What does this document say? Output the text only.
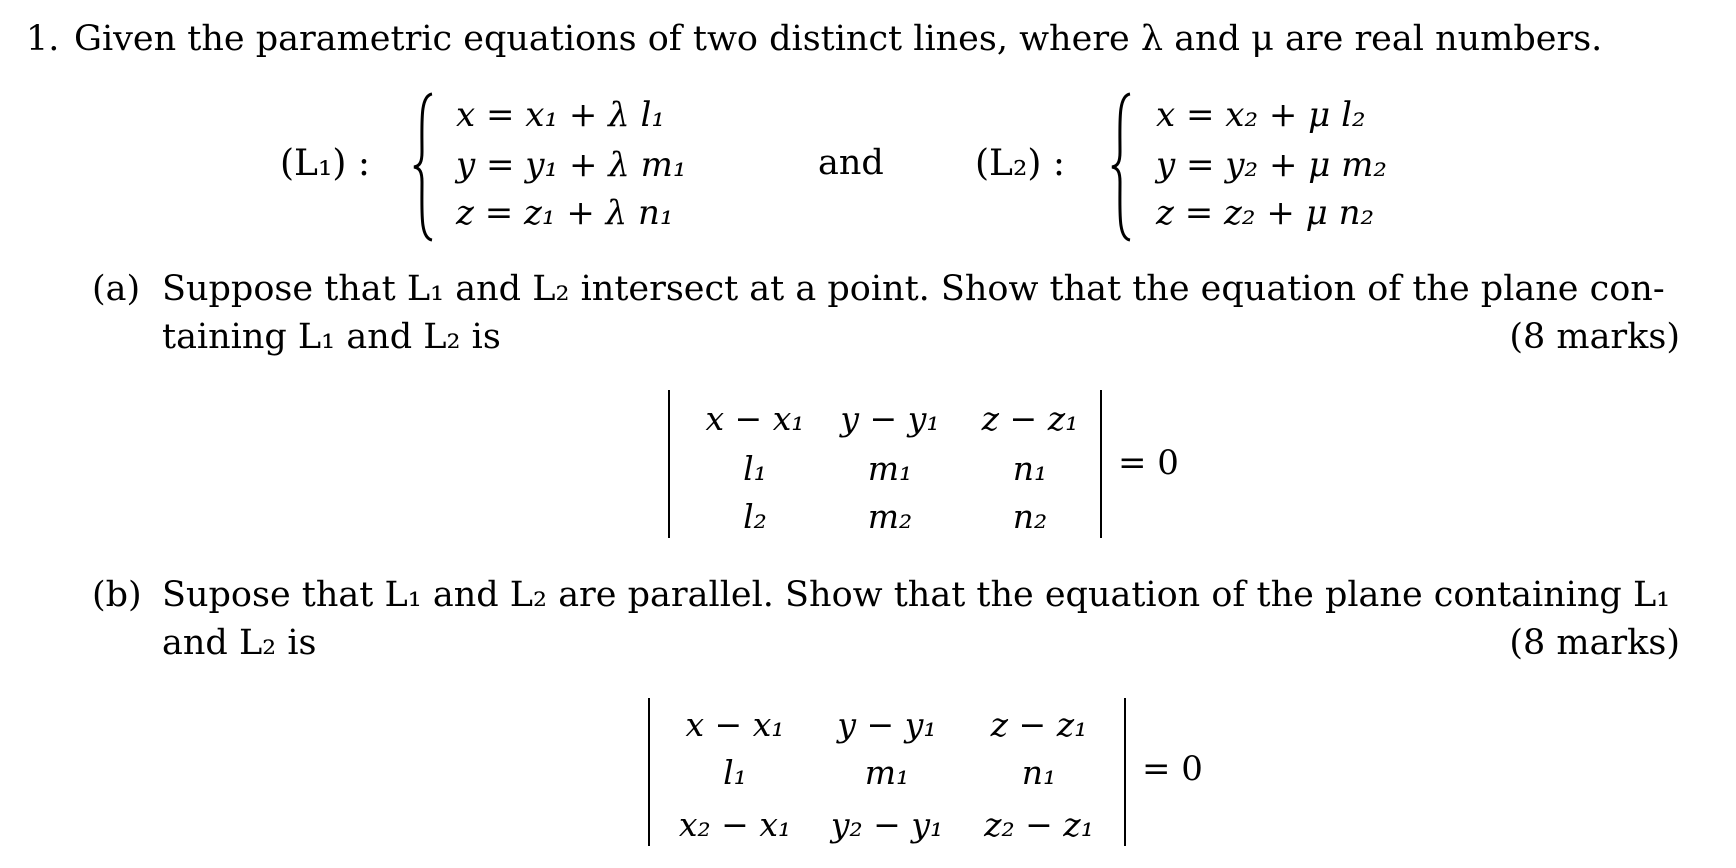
1. Given the parametric equations of two distinct lines, where λ and μ are real numbers.
(L₁) :
x = x₁ + λ l₁
y = y₁ + λ m₁
z = z₁ + λ n₁
and	(L₂) :
x = x₂ + μ l₂
y = y₂ + μ m₂
z = z₂ + μ n₂
(a) Suppose that L₁ and L₂ intersect at a point. Show that the equation of the plane con-
taining L₁ and L₂ is	(8 marks)
x − x₁	y − y₁	z − z₁
l₁	m₁	n₁
l₂	m₂	n₂
= 0
(b) Supose that L₁ and L₂ are parallel. Show that the equation of the plane containing L₁
and L₂ is	(8 marks)
x − x₁	y − y₁	z − z₁
l₁	m₁	n₁
x₂ − x₁	y₂ − y₁	z₂ − z₁
= 0
